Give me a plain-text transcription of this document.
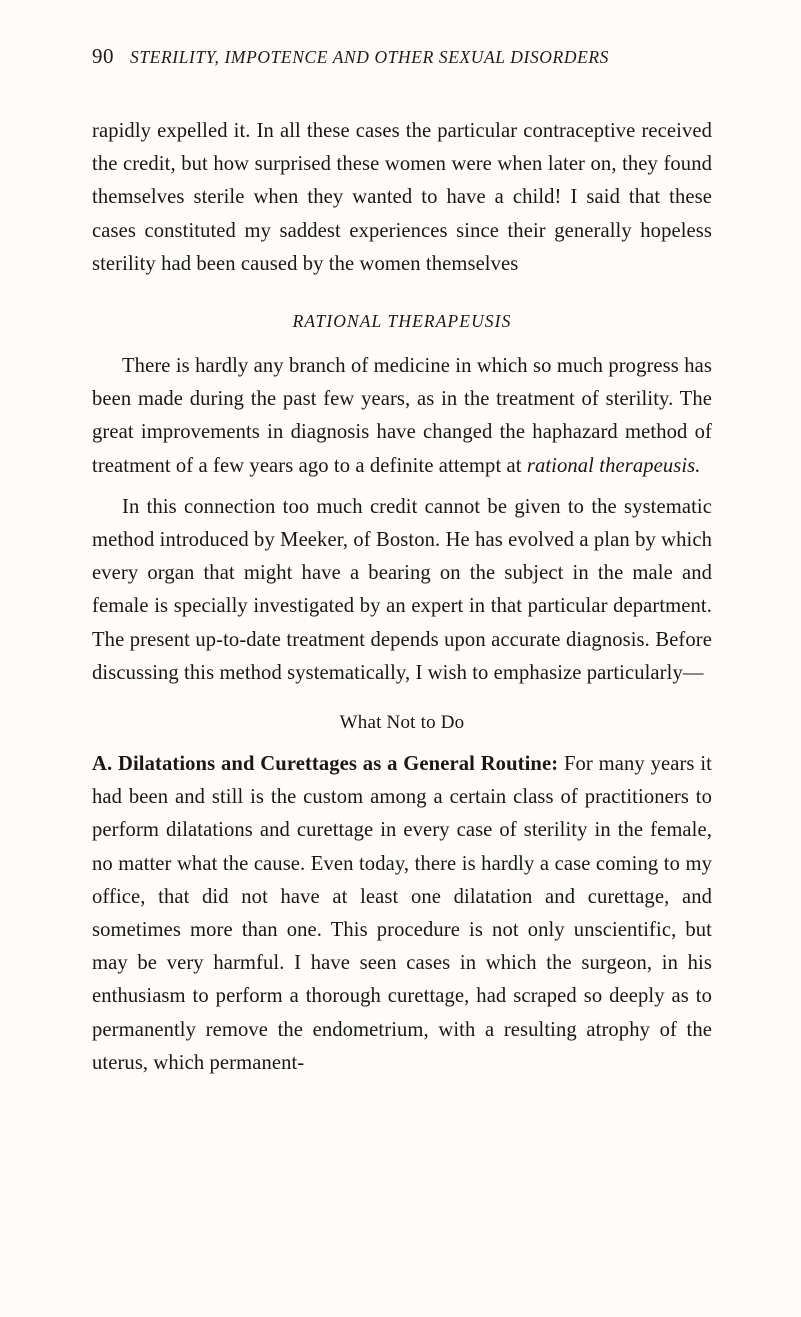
90 STERILITY, IMPOTENCE AND OTHER SEXUAL DISORDERS

rapidly expelled it. In all these cases the particular contraceptive received the credit, but how surprised these women were when later on, they found themselves sterile when they wanted to have a child! I said that these cases constituted my saddest experiences since their generally hopeless sterility had been caused by the women themselves

RATIONAL THERAPEUSIS

There is hardly any branch of medicine in which so much progress has been made during the past few years, as in the treatment of sterility. The great improvements in diagnosis have changed the haphazard method of treatment of a few years ago to a definite attempt at rational therapeusis.

In this connection too much credit cannot be given to the systematic method introduced by Meeker, of Boston. He has evolved a plan by which every organ that might have a bearing on the subject in the male and female is specially investigated by an expert in that particular department. The present up-to-date treatment depends upon accurate diagnosis. Before discussing this method systematically, I wish to emphasize particularly—

What Not to Do

A. Dilatations and Curettages as a General Routine: For many years it had been and still is the custom among a certain class of practitioners to perform dilatations and curettage in every case of sterility in the female, no matter what the cause. Even today, there is hardly a case coming to my office, that did not have at least one dilatation and curettage, and sometimes more than one. This procedure is not only unscientific, but may be very harmful. I have seen cases in which the surgeon, in his enthusiasm to perform a thorough curettage, had scraped so deeply as to permanently remove the endometrium, with a resulting atrophy of the uterus, which permanent-
